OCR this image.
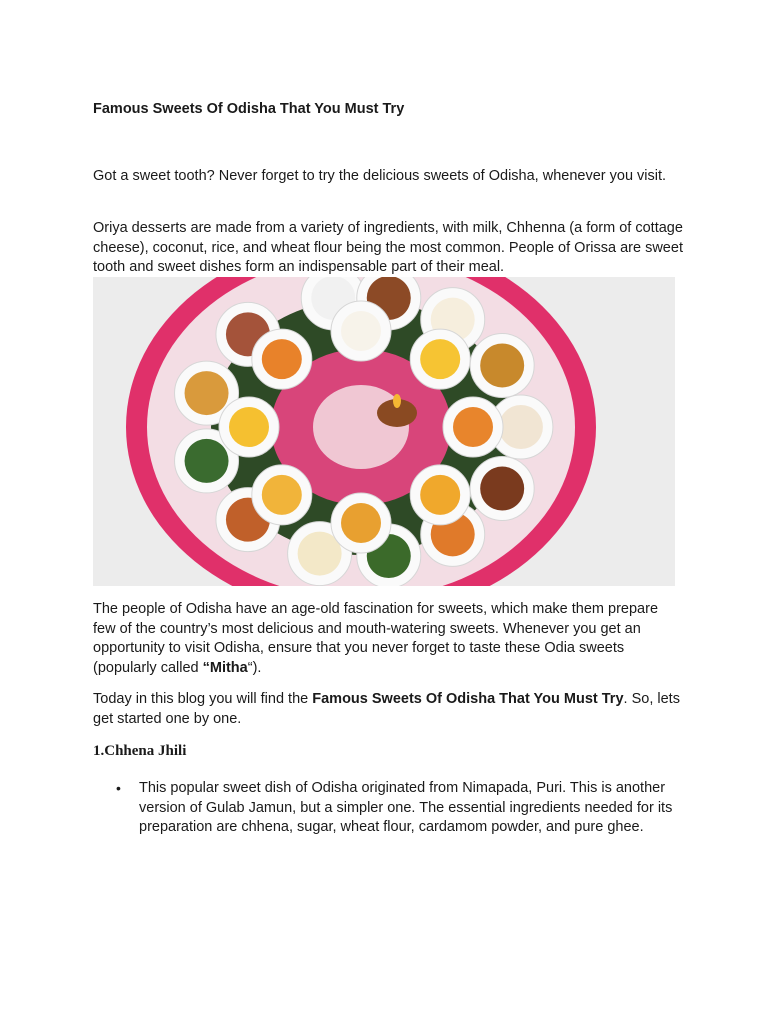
Famous Sweets Of Odisha That You Must Try

Got a sweet tooth? Never forget to try the delicious sweets of Odisha, whenever you visit.

Oriya desserts are made from a variety of ingredients, with milk, Chhenna (a form of cottage cheese), coconut, rice, and wheat flour being the most common. People of Orissa are sweet tooth and sweet dishes form an indispensable part of their meal.

The people of Odisha have an age-old fascination for sweets, which make them prepare few of the country’s most delicious and mouth-watering sweets. Whenever you get an opportunity to visit Odisha, ensure that you never forget to taste these Odia sweets (popularly called “Mitha“).

Today in this blog you will find the Famous Sweets Of Odisha That You Must Try. So, lets get started one by one.

1.Chhena Jhili
• This popular sweet dish of Odisha originated from Nimapada, Puri. This is another version of Gulab Jamun, but a simpler one. The essential ingredients needed for its preparation are chhena, sugar, wheat flour, cardamom powder, and pure ghee.
